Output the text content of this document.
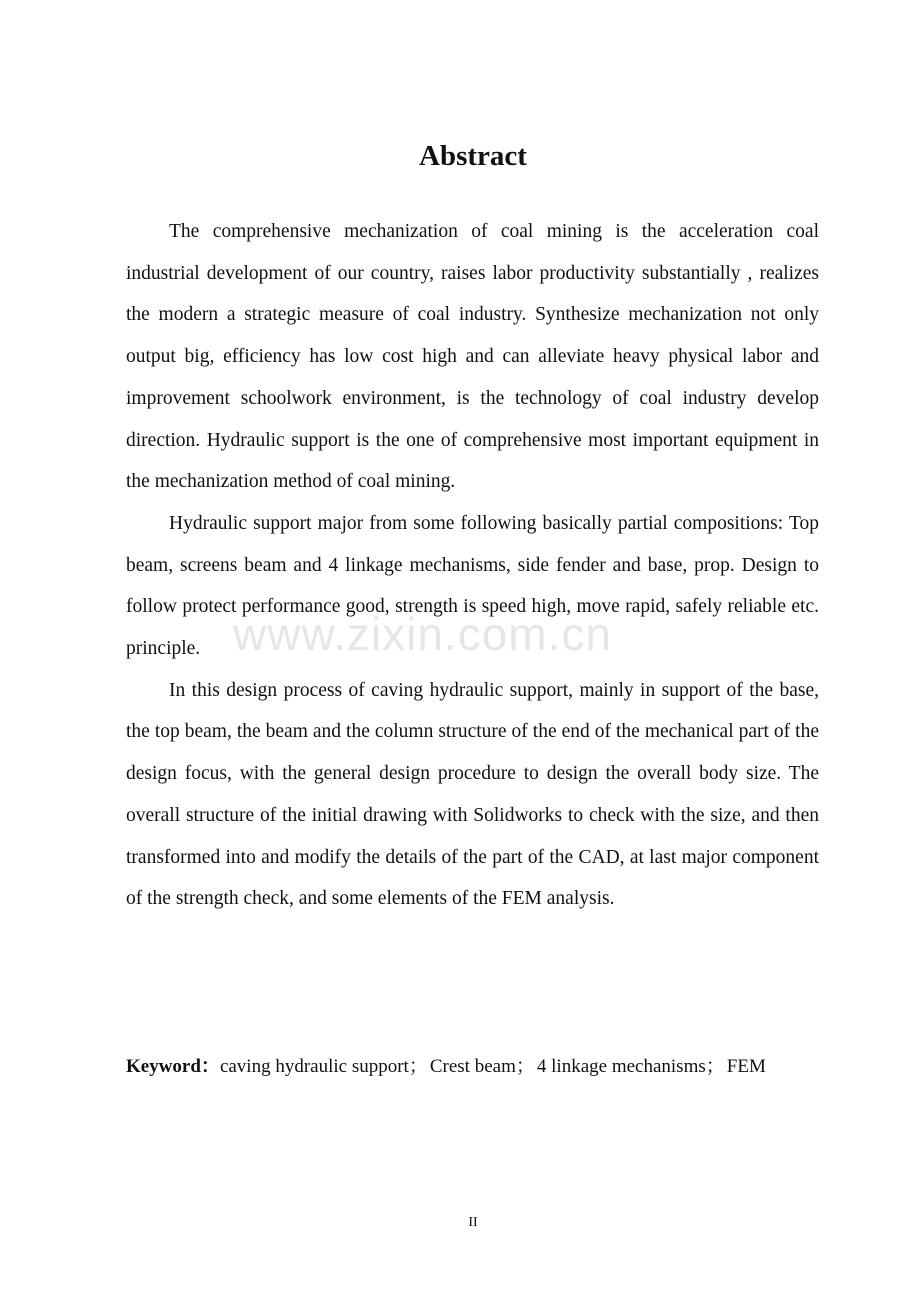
Abstract

The comprehensive mechanization of coal mining is the acceleration coal industrial development of our country, raises labor productivity substantially , realizes the modern a strategic measure of coal industry. Synthesize mechanization not only output big, efficiency has low cost high and can alleviate heavy physical labor and improvement schoolwork environment, is the technology of coal industry develop direction. Hydraulic support is the one of comprehensive most important equipment in the mechanization method of coal mining.

Hydraulic support major from some following basically partial compositions: Top beam, screens beam and 4 linkage mechanisms, side fender and base, prop. Design to follow protect performance good, strength is speed high, move rapid, safely reliable etc. principle.

In this design process of caving hydraulic support, mainly in support of the base, the top beam, the beam and the column structure of the end of the mechanical part of the design focus, with the general design procedure to design the overall body size. The overall structure of the initial drawing with Solidworks to check with the size, and then transformed into and modify the details of the part of the CAD, at last major component of the strength check, and some elements of the FEM analysis.

www.zixin.com.cn
Keyword：caving hydraulic support； Crest beam； 4 linkage mechanisms； FEM
II
